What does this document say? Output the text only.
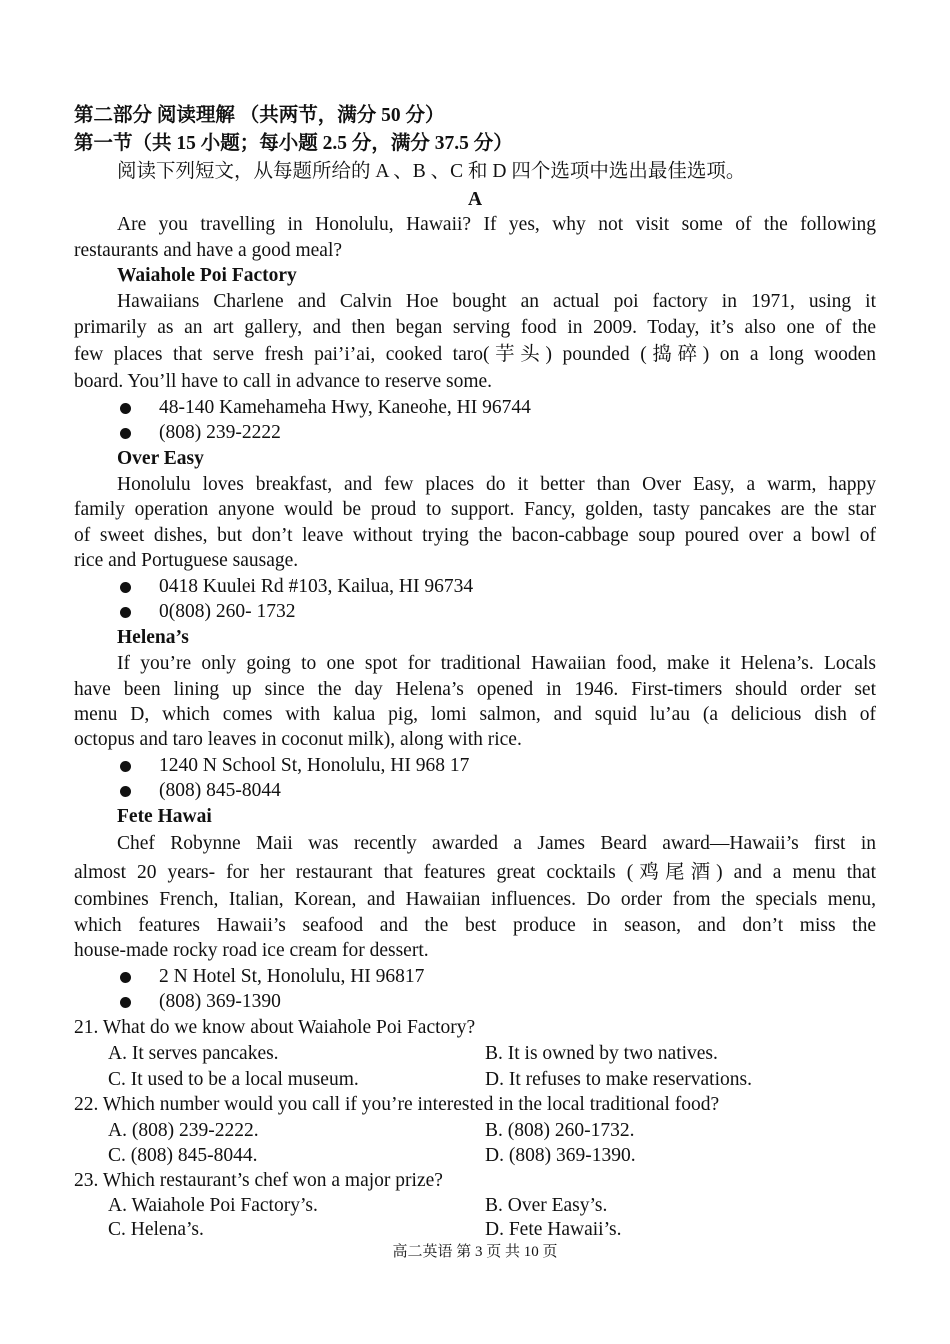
第二部分 阅读理解 （共两节，满分 50 分）
第一节（共 15 小题；每小题 2.5 分，满分 37.5 分）
阅读下列短文，从每题所给的 A 、B 、C 和 D 四个选项中选出最佳选项。
A
Are you travelling in Honolulu, Hawaii? If yes, why not visit some of the following
restaurants and have a good meal?
Waiahole Poi Factory
Hawaiians Charlene and Calvin Hoe bought an actual poi factory in 1971, using it
primarily as an art gallery, and then began serving food in 2009. Today, it’s also one of the
few places that serve fresh pai’i’ai, cooked taro(芋头) pounded (捣碎) on a long wooden
board. You’ll have to call in advance to reserve some.
48-140 Kamehameha Hwy, Kaneohe, HI 96744
(808) 239-2222
Over Easy
Honolulu loves breakfast, and few places do it better than Over Easy, a warm, happy
family operation anyone would be proud to support. Fancy, golden, tasty pancakes are the star
of sweet dishes, but don’t leave without trying the bacon-cabbage soup poured over a bowl of
rice and Portuguese sausage.
0418 Kuulei Rd #103, Kailua, HI 96734
0(808) 260- 1732
Helena’s
If you’re only going to one spot for traditional Hawaiian food, make it Helena’s. Locals
have been lining up since the day Helena’s opened in 1946. First-timers should order set
menu D, which comes with kalua pig, lomi salmon, and squid lu’au (a delicious dish of
octopus and taro leaves in coconut milk), along with rice.
1240 N School St, Honolulu, HI 968 17
(808) 845-8044
Fete Hawai
Chef Robynne Maii was recently awarded a James Beard award—Hawaii’s first in
almost 20 years- for her restaurant that features great cocktails (鸡尾酒) and a menu that
combines French, Italian, Korean, and Hawaiian influences. Do order from the specials menu,
which features Hawaii’s seafood and the best produce in season, and don’t miss the
house-made rocky road ice cream for dessert.
2 N Hotel St, Honolulu, HI 96817
(808) 369-1390
21. What do we know about Waiahole Poi Factory?
A. It serves pancakes.	B. It is owned by two natives.
C. It used to be a local museum.	D. It refuses to make reservations.
22. Which number would you call if you’re interested in the local traditional food?
A. (808) 239-2222.	B. (808) 260-1732.
C. (808) 845-8044.	D. (808) 369-1390.
23. Which restaurant’s chef won a major prize?
A. Waiahole Poi Factory’s.	B. Over Easy’s.
C. Helena’s.	D. Fete Hawaii’s.
高二英语 第 3 页 共 10 页
